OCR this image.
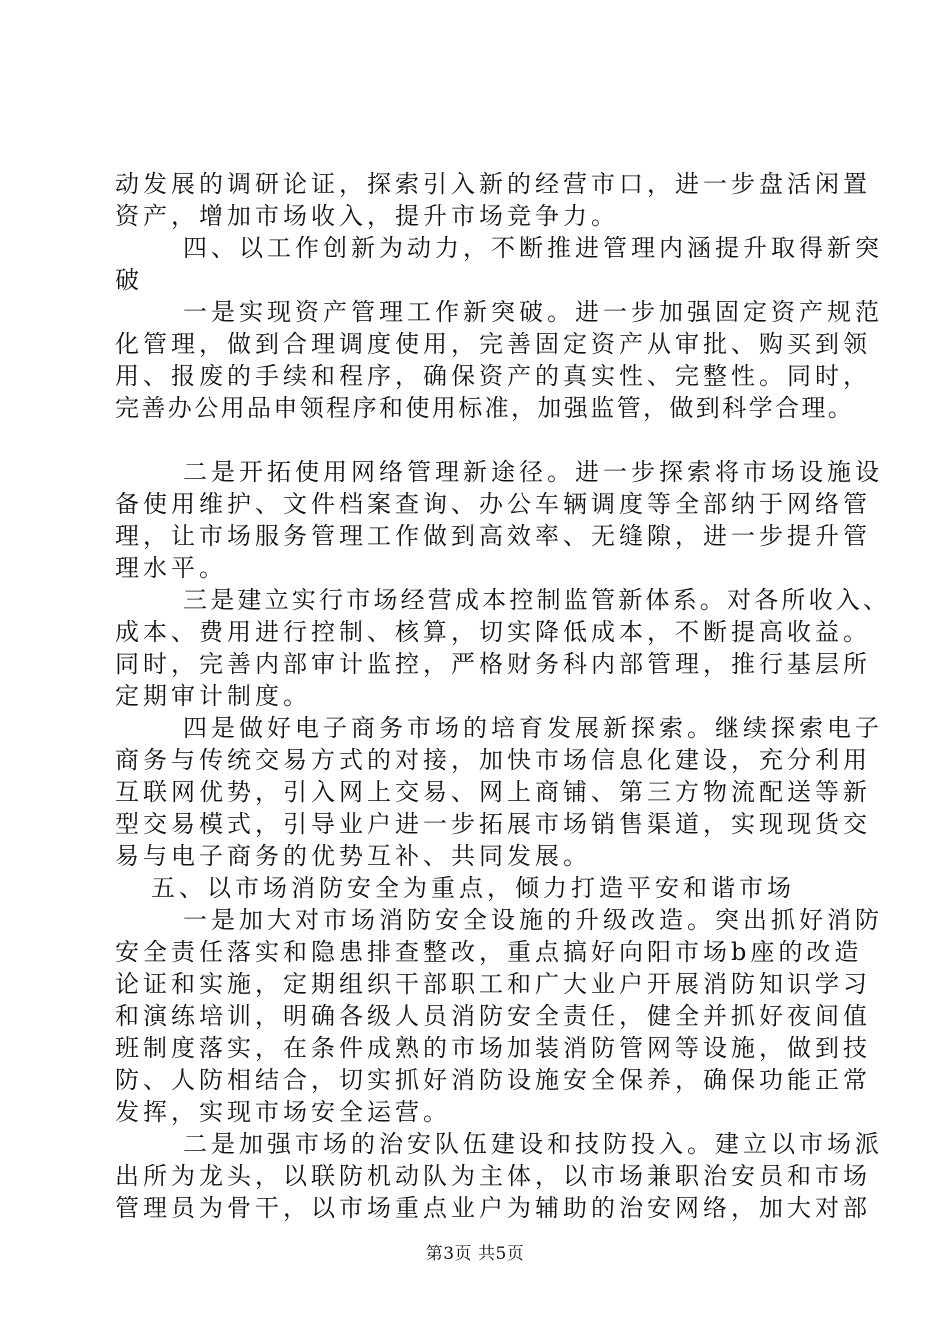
动发展的调研论证，探索引入新的经营市口，进一步盘活闲置
资产，增加市场收入，提升市场竞争力。
四、以工作创新为动力，不断推进管理内涵提升取得新突
破
一是实现资产管理工作新突破。进一步加强固定资产规范
化管理，做到合理调度使用，完善固定资产从审批、购买到领
用、报废的手续和程序，确保资产的真实性、完整性。同时，
完善办公用品申领程序和使用标准，加强监管，做到科学合理。
二是开拓使用网络管理新途径。进一步探索将市场设施设
备使用维护、文件档案查询、办公车辆调度等全部纳于网络管
理，让市场服务管理工作做到高效率、无缝隙，进一步提升管
理水平。
三是建立实行市场经营成本控制监管新体系。对各所收入、
成本、费用进行控制、核算，切实降低成本，不断提高收益。
同时，完善内部审计监控，严格财务科内部管理，推行基层所
定期审计制度。
四是做好电子商务市场的培育发展新探索。继续探索电子
商务与传统交易方式的对接，加快市场信息化建设，充分利用
互联网优势，引入网上交易、网上商铺、第三方物流配送等新
型交易模式，引导业户进一步拓展市场销售渠道，实现现货交
易与电子商务的优势互补、共同发展。
五、以市场消防安全为重点，倾力打造平安和谐市场
一是加大对市场消防安全设施的升级改造。突出抓好消防
安全责任落实和隐患排查整改，重点搞好向阳市场b座的改造
论证和实施，定期组织干部职工和广大业户开展消防知识学习
和演练培训，明确各级人员消防安全责任，健全并抓好夜间值
班制度落实，在条件成熟的市场加装消防管网等设施，做到技
防、人防相结合，切实抓好消防设施安全保养，确保功能正常
发挥，实现市场安全运营。
二是加强市场的治安队伍建设和技防投入。建立以市场派
出所为龙头，以联防机动队为主体，以市场兼职治安员和市场
管理员为骨干，以市场重点业户为辅助的治安网络，加大对部
第3页 共5页
